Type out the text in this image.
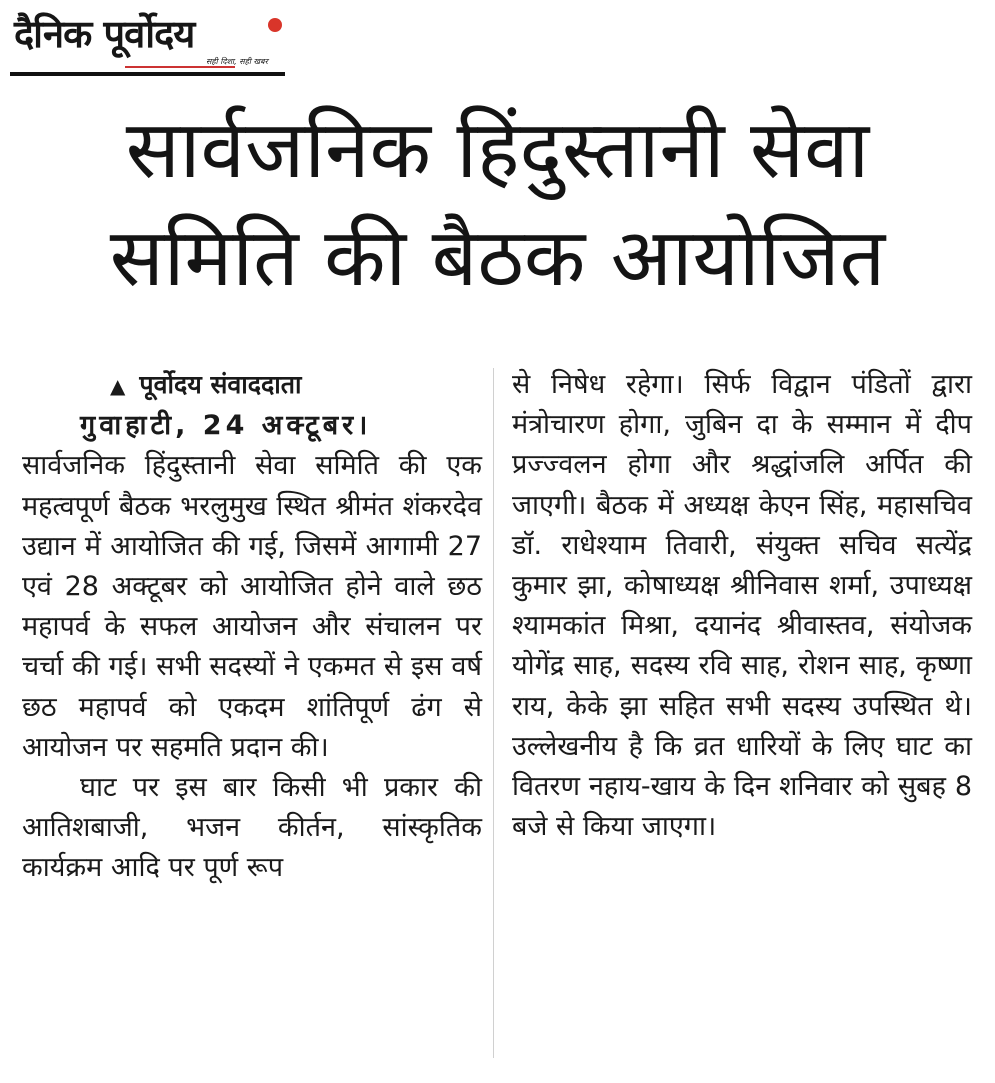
दैनिक पूर्वोदय
सही दिशा, सही खबर
सार्वजनिक हिंदुस्तानी सेवा समिति की बैठक आयोजित

▲ पूर्वोदय संवाददाता

गुवाहाटी, 24 अक्टूबर।

सार्वजनिक हिंदुस्तानी सेवा समिति की एक महत्वपूर्ण बैठक भरलुमुख स्थित श्रीमंत शंकरदेव उद्यान में आयोजित की गई, जिसमें आगामी 27 एवं 28 अक्टूबर को आयोजित होने वाले छठ महापर्व के सफल आयोजन और संचालन पर चर्चा की गई। सभी सदस्यों ने एकमत से इस वर्ष छठ महापर्व को एकदम शांतिपूर्ण ढंग से आयोजन पर सहमति प्रदान की।

घाट पर इस बार किसी भी प्रकार की आतिशबाजी, भजन कीर्तन, सांस्कृतिक कार्यक्रम आदि पर पूर्ण रूप

से निषेध रहेगा। सिर्फ विद्वान पंडितों द्वारा मंत्रोचारण होगा, जुबिन दा के सम्मान में दीप प्रज्ज्वलन होगा और श्रद्धांजलि अर्पित की जाएगी। बैठक में अध्यक्ष केएन सिंह, महासचिव डॉ. राधेश्याम तिवारी, संयुक्त सचिव सत्येंद्र कुमार झा, कोषाध्यक्ष श्रीनिवास शर्मा, उपाध्यक्ष श्यामकांत मिश्रा, दयानंद श्रीवास्तव, संयोजक योगेंद्र साह, सदस्य रवि साह, रोशन साह, कृष्णा राय, केके झा सहित सभी सदस्य उपस्थित थे। उल्लेखनीय है कि व्रत धारियों के लिए घाट का वितरण नहाय-खाय के दिन शनिवार को सुबह 8 बजे से किया जाएगा।
